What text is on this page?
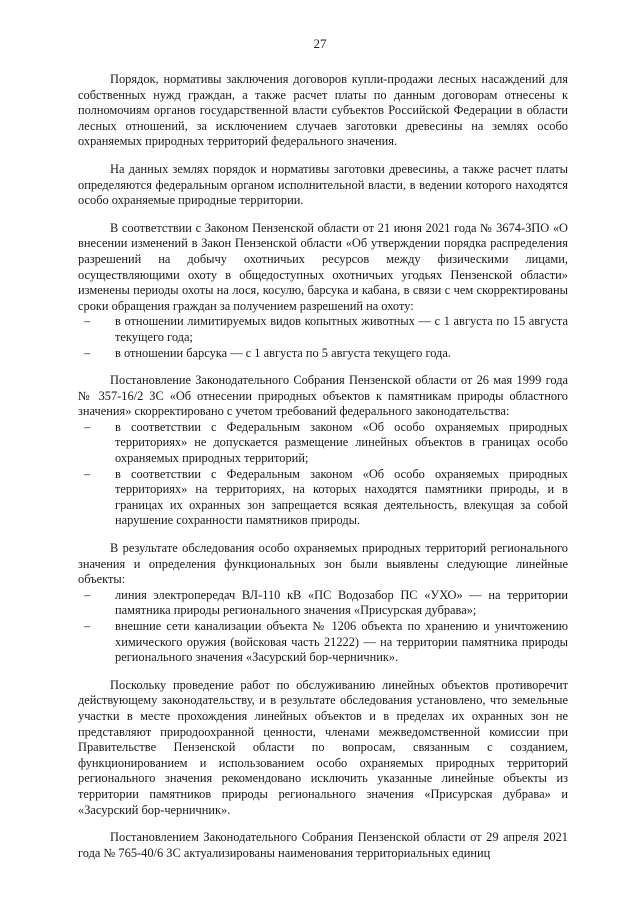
27

Порядок, нормативы заключения договоров купли-продажи лесных насаждений для собственных нужд граждан, а также расчет платы по данным договорам отнесены к полномочиям органов государственной власти субъектов Российской Федерации в области лесных отношений, за исключением случаев заготовки древесины на землях особо охраняемых природных территорий федерального значения.

На данных землях порядок и нормативы заготовки древесины, а также расчет платы определяются федеральным органом исполнительной власти, в ведении которого находятся особо охраняемые природные территории.

В соответствии с Законом Пензенской области от 21 июня 2021 года № 3674-ЗПО «О внесении изменений в Закон Пензенской области «Об утверждении порядка распределения разрешений на добычу охотничьих ресурсов между физическими лицами, осуществляющими охоту в общедоступных охотничьих угодьях Пензенской области» изменены периоды охоты на лося, косулю, барсука и кабана, в связи с чем скорректированы сроки обращения граждан за получением разрешений на охоту:

– в отношении лимитируемых видов копытных животных — с 1 августа по 15 августа текущего года;
– в отношении барсука — с 1 августа по 5 августа текущего года.

Постановление Законодательного Собрания Пензенской области от 26 мая 1999 года № 357-16/2 ЗС «Об отнесении природных объектов к памятникам природы областного значения» скорректировано с учетом требований федерального законодательства:

– в соответствии с Федеральным законом «Об особо охраняемых природных территориях» не допускается размещение линейных объектов в границах особо охраняемых природных территорий;
– в соответствии с Федеральным законом «Об особо охраняемых природных территориях» на территориях, на которых находятся памятники природы, и в границах их охранных зон запрещается всякая деятельность, влекущая за собой нарушение сохранности памятников природы.

В результате обследования особо охраняемых природных территорий регионального значения и определения функциональных зон были выявлены следующие линейные объекты:

– линия электропередач ВЛ-110 кВ «ПС Водозабор ПС «УХО» — на территории памятника природы регионального значения «Присурская дубрава»;
– внешние сети канализации объекта № 1206 объекта по хранению и уничтожению химического оружия (войсковая часть 21222) — на территории памятника природы регионального значения «Засурский бор-черничник».

Поскольку проведение работ по обслуживанию линейных объектов противоречит действующему законодательству, и в результате обследования установлено, что земельные участки в месте прохождения линейных объектов и в пределах их охранных зон не представляют природоохранной ценности, членами межведомственной комиссии при Правительстве Пензенской области по вопросам, связанным с созданием, функционированием и использованием особо охраняемых природных территорий регионального значения рекомендовано исключить указанные линейные объекты из территории памятников природы регионального значения «Присурская дубрава» и «Засурский бор-черничник».

Постановлением Законодательного Собрания Пензенской области от 29 апреля 2021 года № 765-40/6 ЗС актуализированы наименования территориальных единиц
